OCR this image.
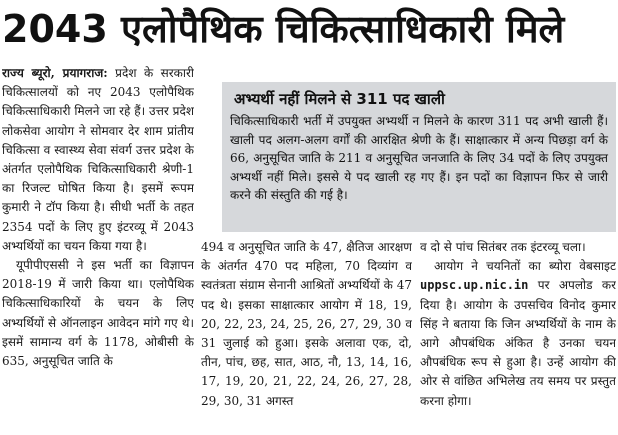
2043 एलोपैथिक चिकित्साधिकारी मिले

राज्य ब्यूरो, प्रयागराज: प्रदेश के सरकारी चिकित्सालयों को नए 2043 एलोपैथिक चिकित्साधिकारी मिलने जा रहे हैं। उत्तर प्रदेश लोकसेवा आयोग ने सोमवार देर शाम प्रांतीय चिकित्सा व स्वास्थ्य सेवा संवर्ग उत्तर प्रदेश के अंतर्गत एलोपैथिक चिकित्साधिकारी श्रेणी-1 का रिजल्ट घोषित किया है। इसमें रूपम कुमारी ने टॉप किया है। सीधी भर्ती के तहत 2354 पदों के लिए हुए इंटरव्यू में 2043 अभ्यर्थियों का चयन किया गया है।

यूपीपीएससी ने इस भर्ती का विज्ञापन 2018-19 में जारी किया था। एलोपैथिक चिकित्साधिकारियों के चयन के लिए अभ्यर्थियों से ऑनलाइन आवेदन मांगे गए थे। इसमें सामान्य वर्ग के 1178, ओबीसी के 635, अनुसूचित जाति के

अभ्यर्थी नहीं मिलने से 311 पद खाली
चिकित्साधिकारी भर्ती में उपयुक्त अभ्यर्थी न मिलने के कारण 311 पद अभी खाली हैं। खाली पद अलग-अलग वर्गों की आरक्षित श्रेणी के हैं। साक्षात्कार में अन्य पिछड़ा वर्ग के 66, अनुसूचित जाति के 211 व अनुसूचित जनजाति के लिए 34 पदों के लिए उपयुक्त अभ्यर्थी नहीं मिले। इससे ये पद खाली रह गए हैं। इन पदों का विज्ञापन फिर से जारी करने की संस्तुति की गई है।

494 व अनुसूचित जाति के 47, क्षैतिज आरक्षण के अंतर्गत 470 पद महिला, 70 दिव्यांग व स्वतंत्रता संग्राम सेनानी आश्रितों अभ्यर्थियों के 47 पद थे। इसका साक्षात्कार आयोग में 18, 19, 20, 22, 23, 24, 25, 26, 27, 29, 30 व 31 जुलाई को हुआ। इसके अलावा एक, दो, तीन, पांच, छह, सात, आठ, नौ, 13, 14, 16, 17, 19, 20, 21, 22, 24, 26, 27, 28, 29, 30, 31 अगस्त

व दो से पांच सितंबर तक इंटरव्यू चला।

आयोग ने चयनितों का ब्योरा वेबसाइट uppsc.up.nic.in पर अपलोड कर दिया है। आयोग के उपसचिव विनोद कुमार सिंह ने बताया कि जिन अभ्यर्थियों के नाम के आगे औपबंधिक अंकित है उनका चयन औपबंधिक रूप से हुआ है। उन्हें आयोग की ओर से वांछित अभिलेख तय समय पर प्रस्तुत करना होगा।
